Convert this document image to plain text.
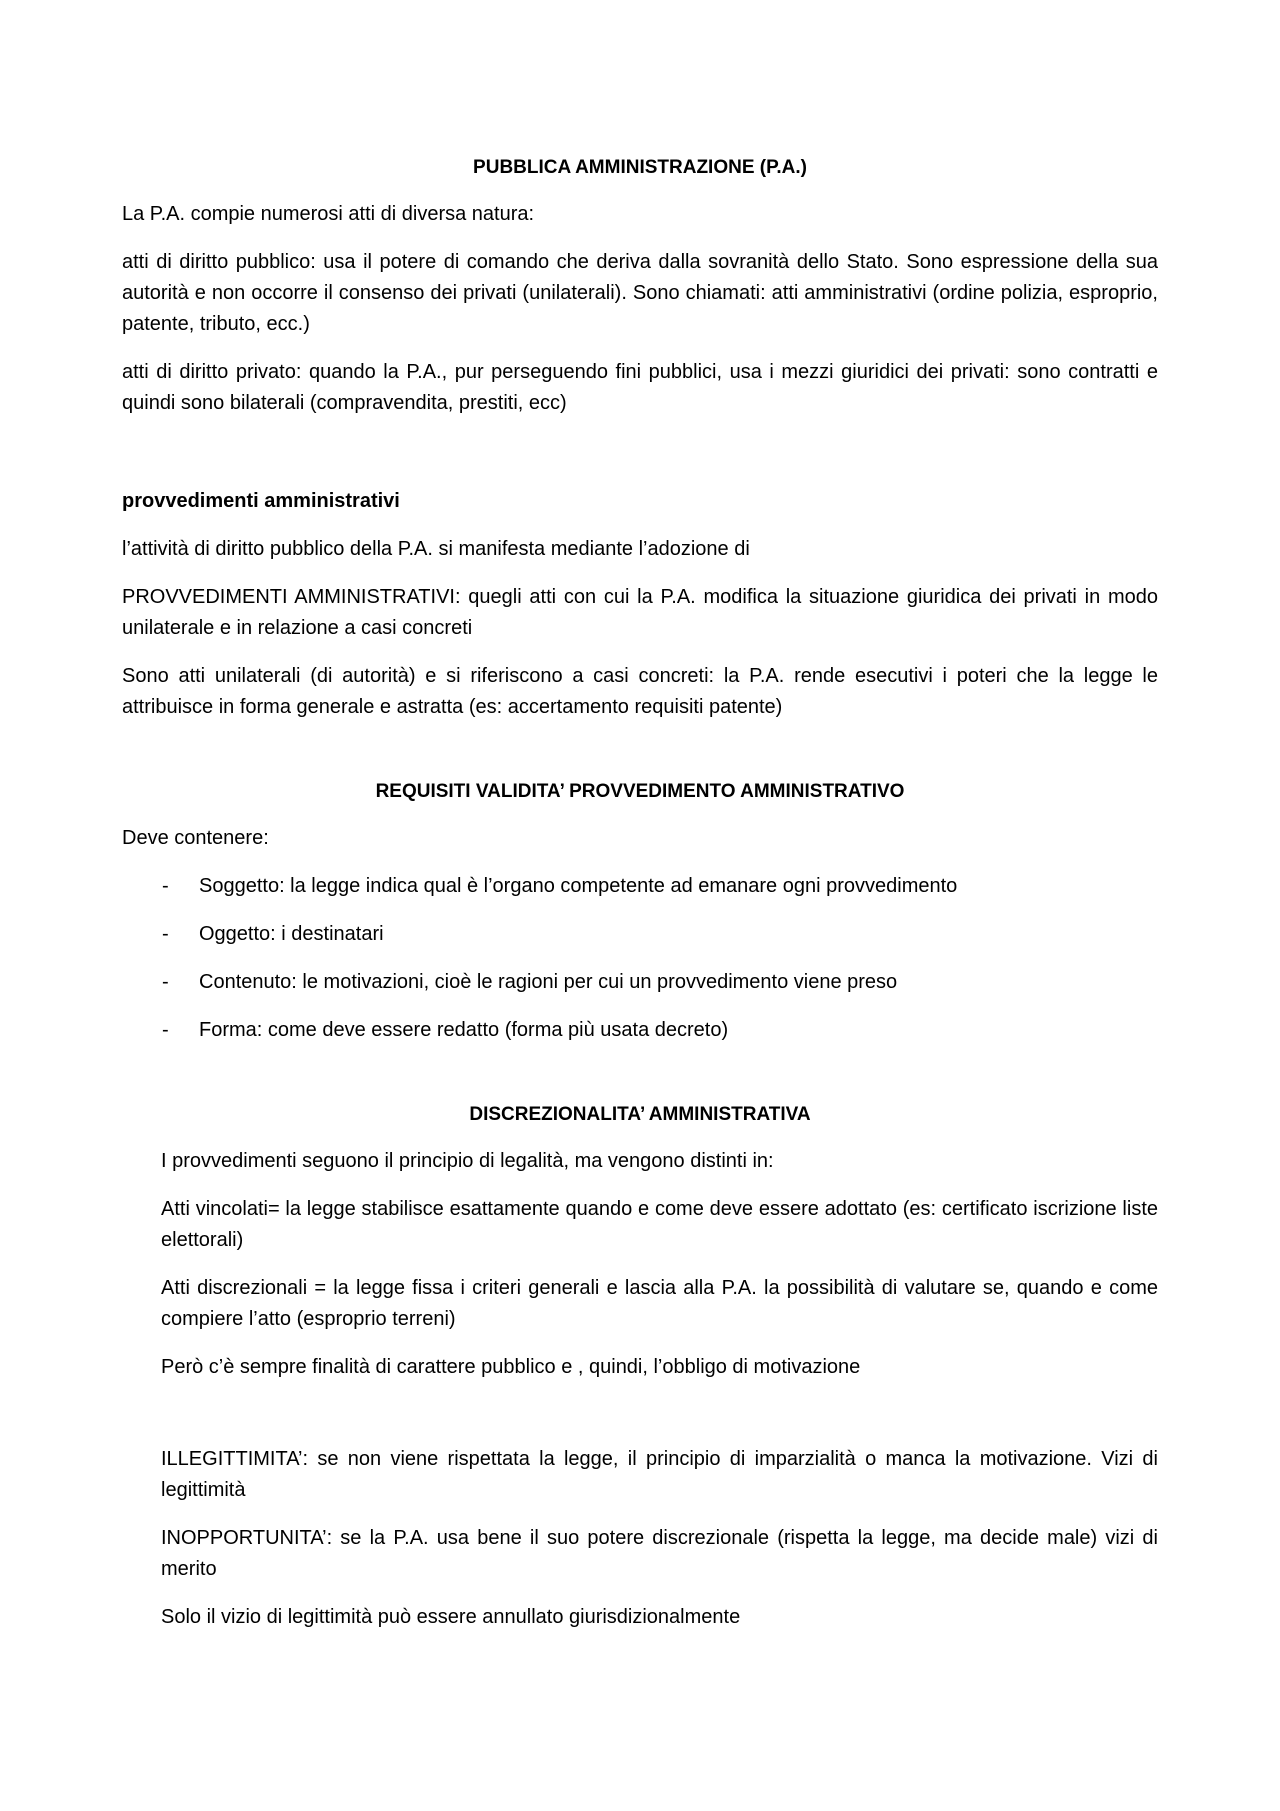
PUBBLICA AMMINISTRAZIONE (P.A.)

La P.A. compie numerosi atti di diversa natura:

atti di diritto pubblico: usa il potere di comando che deriva dalla sovranità dello Stato. Sono espressione della sua autorità e non occorre il consenso dei privati (unilaterali). Sono chiamati: atti amministrativi (ordine polizia, esproprio, patente, tributo, ecc.)

atti di diritto privato: quando la P.A., pur perseguendo fini pubblici, usa i mezzi giuridici dei privati: sono contratti e quindi sono bilaterali (compravendita, prestiti, ecc)

provvedimenti amministrativi

l’attività di diritto pubblico della P.A. si manifesta mediante l’adozione di

PROVVEDIMENTI AMMINISTRATIVI: quegli atti con cui la P.A. modifica la situazione giuridica dei privati in modo unilaterale e in relazione a casi concreti

Sono atti unilaterali (di autorità) e si riferiscono a casi concreti: la P.A. rende esecutivi i poteri che la legge le attribuisce in forma generale e astratta (es: accertamento requisiti patente)

REQUISITI VALIDITA’ PROVVEDIMENTO AMMINISTRATIVO

Deve contenere:

- Soggetto: la legge indica qual è l’organo competente ad emanare ogni provvedimento
- Oggetto: i destinatari
- Contenuto: le motivazioni, cioè le ragioni per cui un provvedimento viene preso
- Forma: come deve essere redatto (forma più usata decreto)

DISCREZIONALITA’ AMMINISTRATIVA

I provvedimenti seguono il principio di legalità, ma vengono distinti in:

Atti vincolati= la legge stabilisce esattamente quando e come deve essere adottato (es: certificato iscrizione liste elettorali)

Atti discrezionali = la legge fissa i criteri generali e lascia alla P.A. la possibilità di valutare se, quando e come compiere l’atto (esproprio terreni)

Però c’è sempre finalità di carattere pubblico e , quindi, l’obbligo di motivazione

ILLEGITTIMITA’: se non viene rispettata la legge, il principio di imparzialità o manca la motivazione. Vizi di legittimità

INOPPORTUNITA’: se la P.A. usa bene il suo potere discrezionale (rispetta la legge, ma decide male) vizi di merito

Solo il vizio di legittimità può essere annullato giurisdizionalmente
